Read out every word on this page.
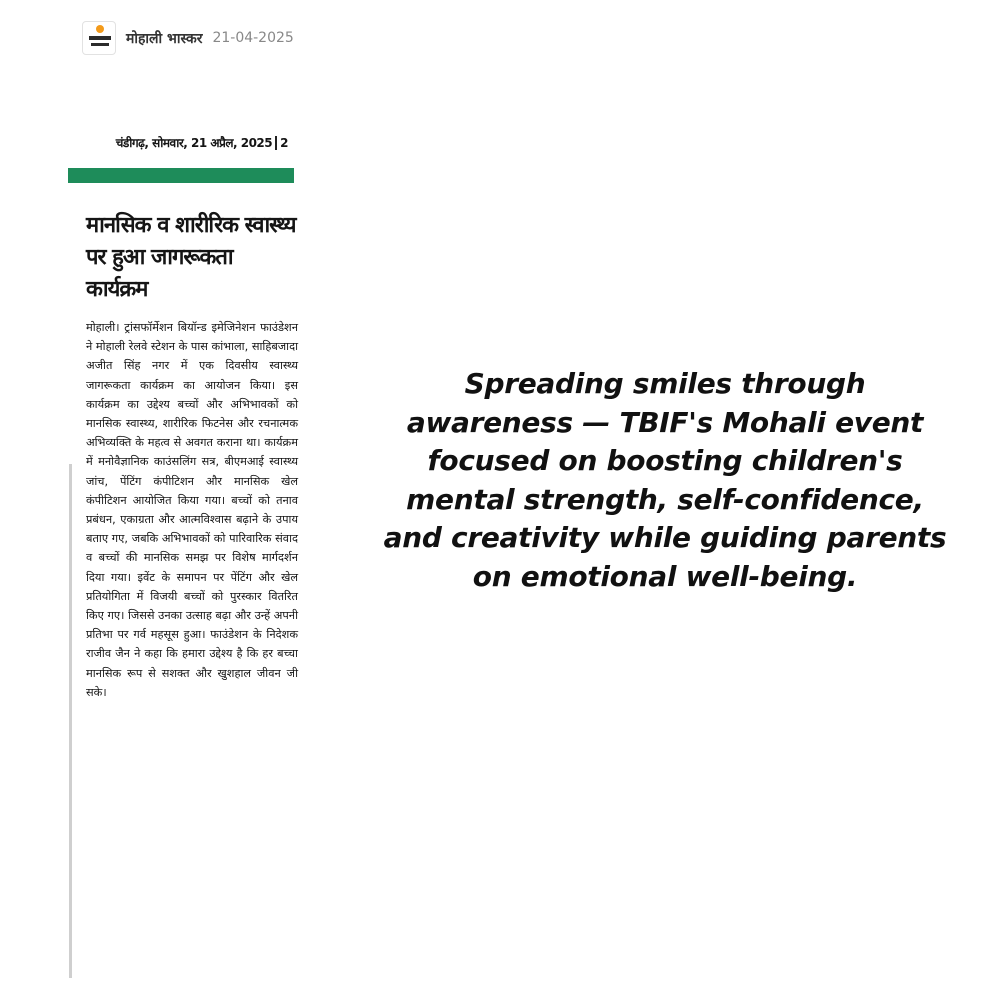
मोहाली भास्कर 21-04-2025
चंडीगढ़, सोमवार, 21 अप्रैल, 2025 2
मानसिक व शारीरिक स्वास्थ्य पर हुआ जागरूकता कार्यक्रम

मोहाली। ट्रांसफॉर्मेशन बियॉन्ड इमेजिनेशन फाउंडेशन ने मोहाली रेलवे स्टेशन के पास कांभाला, साहिबजादा अजीत सिंह नगर में एक दिवसीय स्वास्थ्य जागरूकता कार्यक्रम का आयोजन किया। इस कार्यक्रम का उद्देश्य बच्चों और अभिभावकों को मानसिक स्वास्थ्य, शारीरिक फिटनेस और रचनात्मक अभिव्यक्ति के महत्व से अवगत कराना था। कार्यक्रम में मनोवैज्ञानिक काउंसलिंग सत्र, बीएमआई स्वास्थ्य जांच, पेंटिंग कंपीटिशन और मानसिक खेल कंपीटिशन आयोजित किया गया। बच्चों को तनाव प्रबंधन, एकाग्रता और आत्मविश्वास बढ़ाने के उपाय बताए गए, जबकि अभिभावकों को पारिवारिक संवाद व बच्चों की मानसिक समझ पर विशेष मार्गदर्शन दिया गया। इवेंट के समापन पर पेंटिंग और खेल प्रतियोगिता में विजयी बच्चों को पुरस्कार वितरित किए गए। जिससे उनका उत्साह बढ़ा और उन्हें अपनी प्रतिभा पर गर्व महसूस हुआ। फाउंडेशन के निदेशक राजीव जैन ने कहा कि हमारा उद्देश्य है कि हर बच्चा मानसिक रूप से सशक्त और खुशहाल जीवन जी सके।

Spreading smiles through awareness — TBIF's Mohali event focused on boosting children's mental strength, self-confidence, and creativity while guiding parents on emotional well-being.
